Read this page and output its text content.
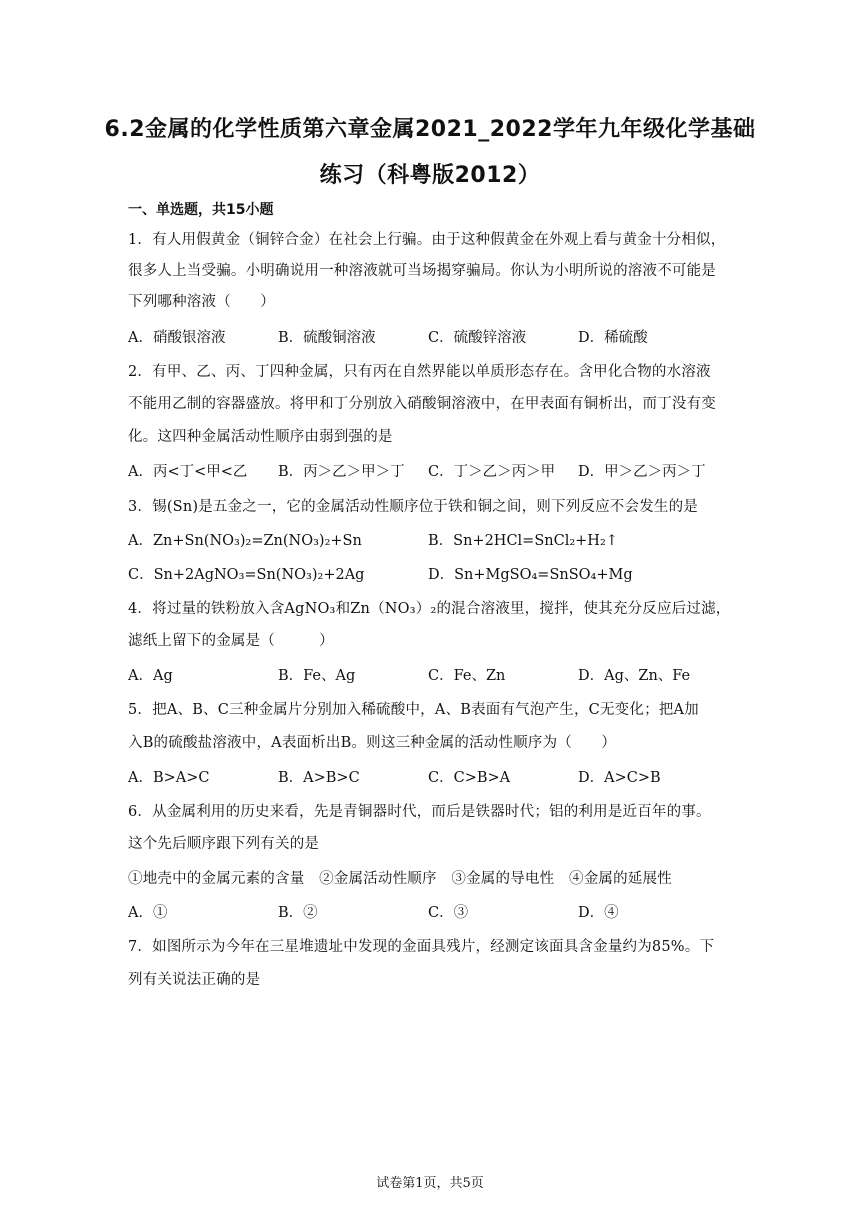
6.2金属的化学性质第六章金属2021_2022学年九年级化学基础
练习（科粤版2012）
一、单选题，共15小题
1．有人用假黄金（铜锌合金）在社会上行骗。由于这种假黄金在外观上看与黄金十分相似，
很多人上当受骗。小明确说用一种溶液就可当场揭穿骗局。你认为小明所说的溶液不可能是
下列哪种溶液（　　）
A．硝酸银溶液	B．硫酸铜溶液	C．硫酸锌溶液	D．稀硫酸
2．有甲、乙、丙、丁四种金属，只有丙在自然界能以单质形态存在。含甲化合物的水溶液
不能用乙制的容器盛放。将甲和丁分别放入硝酸铜溶液中，在甲表面有铜析出，而丁没有变
化。这四种金属活动性顺序由弱到强的是
A．丙<丁<甲<乙 B．丙＞乙＞甲＞丁 C．丁＞乙＞丙＞甲 D．甲＞乙＞丙＞丁
3．锡(Sn)是五金之一，它的金属活动性顺序位于铁和铜之间，则下列反应不会发生的是
A．Zn+Sn(NO₃)₂=Zn(NO₃)₂+Sn	B．Sn+2HCl=SnCl₂+H₂↑
C．Sn+2AgNO₃=Sn(NO₃)₂+2Ag	D．Sn+MgSO₄=SnSO₄+Mg
4．将过量的铁粉放入含AgNO₃和Zn（NO₃）₂的混合溶液里，搅拌，使其充分反应后过滤，
滤纸上留下的金属是（　　　）
A．Ag	B．Fe、Ag	C．Fe、Zn	D．Ag、Zn、Fe
5．把A、B、C三种金属片分别加入稀硫酸中，A、B表面有气泡产生，C无变化；把A加
入B的硫酸盐溶液中，A表面析出B。则这三种金属的活动性顺序为（　　）
A．B>A>C	B．A>B>C	C．C>B>A	D．A>C>B
6．从金属利用的历史来看，先是青铜器时代，而后是铁器时代；铝的利用是近百年的事。
这个先后顺序跟下列有关的是
①地壳中的金属元素的含量　②金属活动性顺序　③金属的导电性　④金属的延展性
A．①	B．②	C．③	D．④
7．如图所示为今年在三星堆遗址中发现的金面具残片，经测定该面具含金量约为85%。下
列有关说法正确的是
试卷第1页，共5页
